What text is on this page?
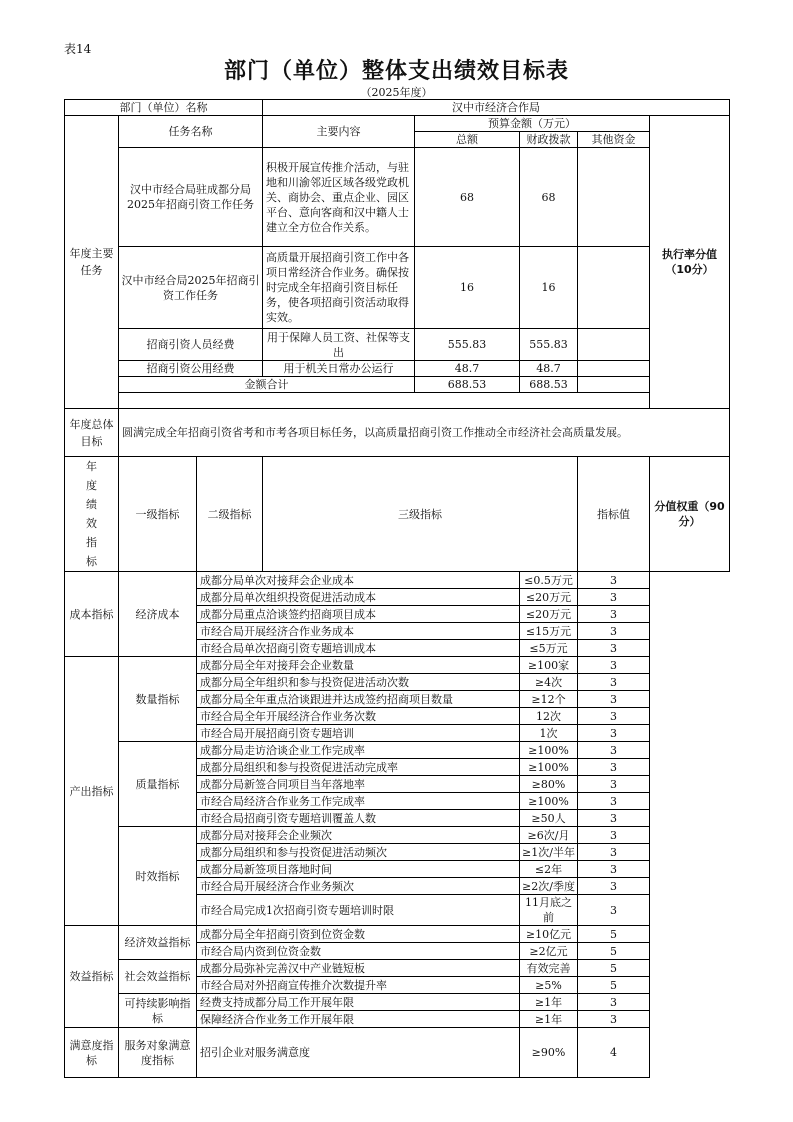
表14
部门（单位）整体支出绩效目标表
（2025年度）
部门（单位）名称			汉中市经济合作局				
年度主要任务	任务名称		主要内容	预算金额（万元）			执行率分值（10分）
				总额	财政拨款	其他资金	
	汉中市经合局驻成都分局2025年招商引资工作任务		积极开展宣传推介活动，与驻地和川渝邻近区域各级党政机关、商协会、重点企业、园区平台、意向客商和汉中籍人士建立全方位合作关系。	68	68		
	汉中市经合局2025年招商引资工作任务		高质量开展招商引资工作中各项日常经济合作业务。确保按时完成全年招商引资目标任务，使各项招商引资活动取得实效。	16	16		
	招商引资人员经费		用于保障人员工资、社保等支出	555.83	555.83		
	招商引资公用经费		用于机关日常办公运行	48.7	48.7		
	金额合计			688.53	688.53		

年度总体目标	圆满完成全年招商引资省考和市考各项目标任务，以高质量招商引资工作推动全市经济社会高质量发展。						

年度绩效指标	一级指标	二级指标	三级指标			指标值	分值权重（90分）
成本指标	经济成本	成都分局单次对接拜会企业成本			≤0.5万元	3	
		成都分局单次组织投资促进活动成本			≤20万元	3	
		成都分局重点洽谈签约招商项目成本			≤20万元	3	
		市经合局开展经济合作业务成本			≤15万元	3	
		市经合局单次招商引资专题培训成本			≤5万元	3	
产出指标	数量指标	成都分局全年对接拜会企业数量			≥100家	3	
		成都分局全年组织和参与投资促进活动次数			≥4次	3	
		成都分局全年重点洽谈跟进并达成签约招商项目数量			≥12个	3	
		市经合局全年开展经济合作业务次数			12次	3	
		市经合局开展招商引资专题培训			1次	3	
	质量指标	成都分局走访洽谈企业工作完成率			≥100%	3	
		成都分局组织和参与投资促进活动完成率			≥100%	3	
		成都分局新签合同项目当年落地率			≥80%	3	
		市经合局经济合作业务工作完成率			≥100%	3	
		市经合局招商引资专题培训覆盖人数			≥50人	3	
	时效指标	成都分局对接拜会企业频次			≥6次/月	3	
		成都分局组织和参与投资促进活动频次			≥1次/半年	3	
		成都分局新签项目落地时间			≤2年	3	
		市经合局开展经济合作业务频次			≥2次/季度	3	
		市经合局完成1次招商引资专题培训时限			11月底之前	3	
效益指标	经济效益指标	成都分局全年招商引资到位资金数			≥10亿元	5	
		市经合局内资到位资金数			≥2亿元	5	
	社会效益指标	成都分局弥补完善汉中产业链短板			有效完善	5	
		市经合局对外招商宣传推介次数提升率			≥5%	5	
	可持续影响指标	经费支持成都分局工作开展年限			≥1年	3	
		保障经济合作业务工作开展年限			≥1年	3	
满意度指标	服务对象满意度指标	招引企业对服务满意度			≥90%	4	
